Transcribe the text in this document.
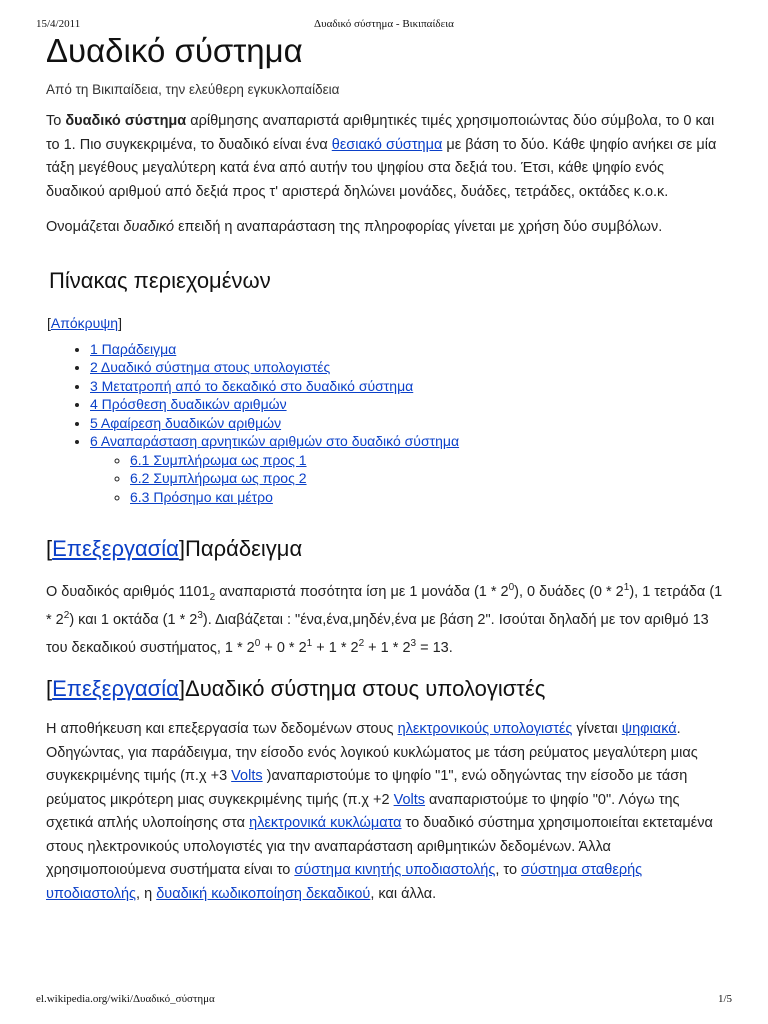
15/4/2011	Δυαδικό σύστημα - Βικιπαίδεια
Δυαδικό σύστημα
Από τη Βικιπαίδεια, την ελεύθερη εγκυκλοπαίδεια

Το δυαδικό σύστημα αρίθμησης αναπαριστά αριθμητικές τιμές χρησιμοποιώντας δύο σύμβολα, το 0 και το 1. Πιο συγκεκριμένα, το δυαδικό είναι ένα θεσιακό σύστημα με βάση το δύο. Κάθε ψηφίο ανήκει σε μία τάξη μεγέθους μεγαλύτερη κατά ένα από αυτήν του ψηφίου στα δεξιά του. Έτσι, κάθε ψηφίο ενός δυαδικού αριθμού από δεξιά προς τ' αριστερά δηλώνει μονάδες, δυάδες, τετράδες, οκτάδες κ.ο.κ.

Ονομάζεται δυαδικό επειδή η αναπαράσταση της πληροφορίας γίνεται με χρήση δύο συμβόλων.

Πίνακας περιεχομένων
[Απόκρυψη]
• 1 Παράδειγμα
• 2 Δυαδικό σύστημα στους υπολογιστές
• 3 Μετατροπή από το δεκαδικό στο δυαδικό σύστημα
• 4 Πρόσθεση δυαδικών αριθμών
• 5 Αφαίρεση δυαδικών αριθμών
• 6 Αναπαράσταση αρνητικών αριθμών στο δυαδικό σύστημα
◦ 6.1 Συμπλήρωμα ως προς 1
◦ 6.2 Συμπλήρωμα ως προς 2
◦ 6.3 Πρόσημο και μέτρο
[Επεξεργασία]Παράδειγμα

Ο δυαδικός αριθμός $1101_2$ αναπαριστά ποσότητα ίση με 1 μονάδα $(1 * 2^0)$, 0 δυάδες $(0 * 2^1)$, 1 τετράδα $(1 * 2^2)$ και 1 οκτάδα $(1 * 2^3)$. Διαβάζεται : "ένα,ένα,μηδέν,ένα με βάση 2". Ισούται δηλαδή με τον αριθμό 13 του δεκαδικού συστήματος, $1 * 2^0 + 0 * 2^1 + 1 * 2^2 + 1 * 2^3 = 13$.

[Επεξεργασία]Δυαδικό σύστημα στους υπολογιστές

Η αποθήκευση και επεξεργασία των δεδομένων στους ηλεκτρονικούς υπολογιστές γίνεται ψηφιακά. Οδηγώντας, για παράδειγμα, την είσοδο ενός λογικού κυκλώματος με τάση ρεύματος μεγαλύτερη μιας συγκεκριμένης τιμής (π.χ +3 Volts )αναπαριστούμε το ψηφίο "1", ενώ οδηγώντας την είσοδο με τάση ρεύματος μικρότερη μιας συγκεκριμένης τιμής (π.χ +2 Volts αναπαριστούμε το ψηφίο "0". Λόγω της σχετικά απλής υλοποίησης στα ηλεκτρονικά κυκλώματα το δυαδικό σύστημα χρησιμοποιείται εκτεταμένα στους ηλεκτρονικούς υπολογιστές για την αναπαράσταση αριθμητικών δεδομένων. Άλλα χρησιμοποιούμενα συστήματα είναι το σύστημα κινητής υποδιαστολής, το σύστημα σταθερής υποδιαστολής, η δυαδική κωδικοποίηση δεκαδικού, και άλλα.

el.wikipedia.org/wiki/Δυαδικό_σύστημα	1/5
